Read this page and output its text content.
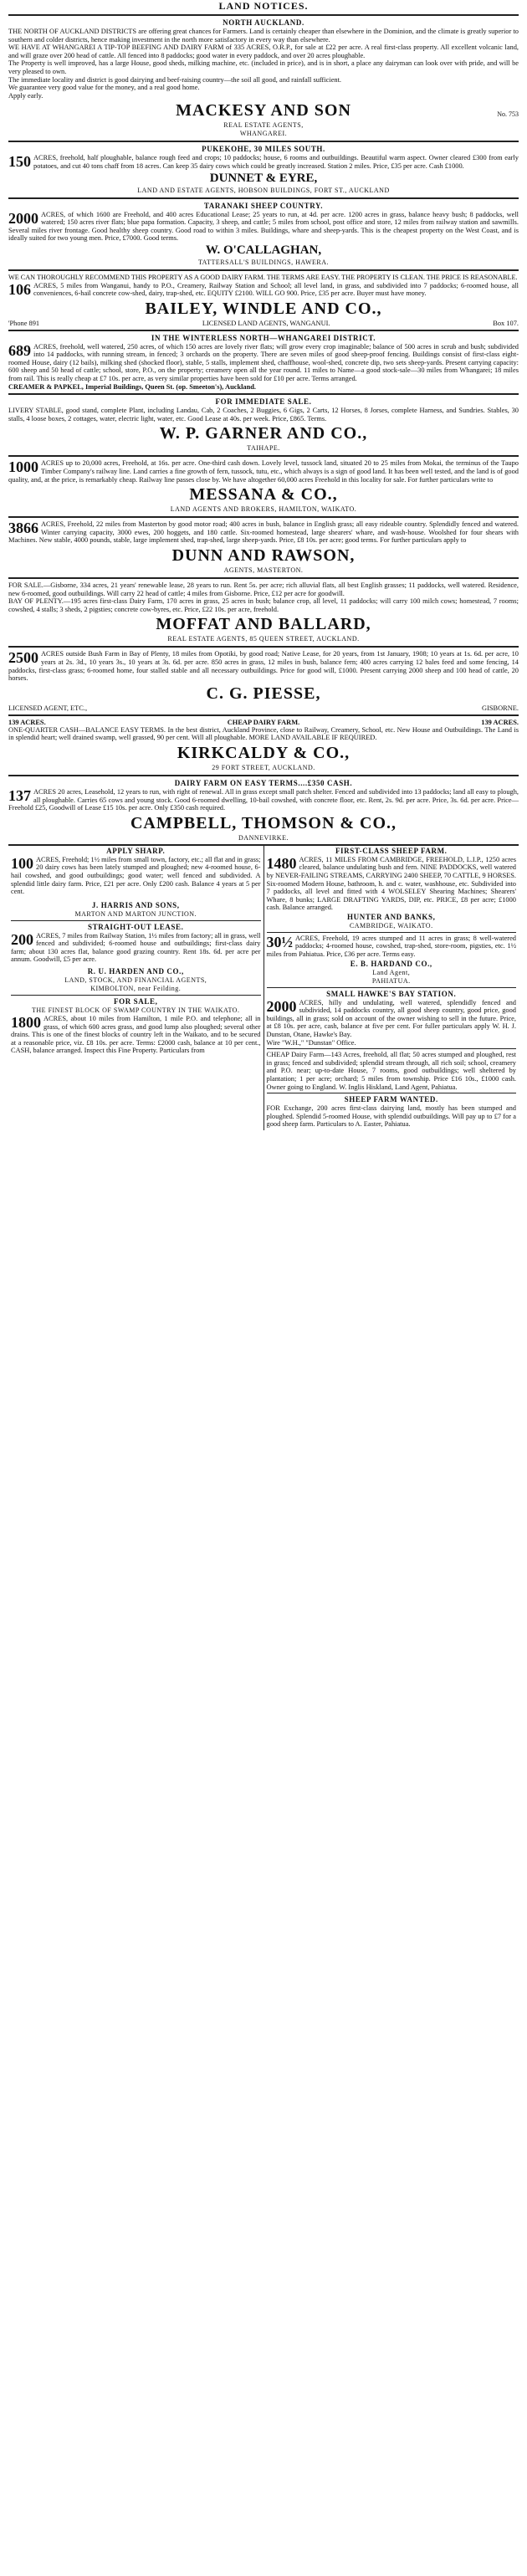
LAND NOTICES.
NORTH AUCKLAND.

THE NORTH OF AUCKLAND DISTRICTS are offering great chances for Farmers. Land is certainly cheaper than elsewhere in the Dominion, and the climate is greatly superior to southern and colder districts, hence making investment in the north more satisfactory in every way than elsewhere.

WE HAVE AT WHANGAREI A TIP-TOP BEEFING AND DAIRY FARM of 335 ACRES, O.R.P., for sale at £22 per acre. A real first-class property. All excellent volcanic land, and will graze over 200 head of cattle. All fenced into 8 paddocks; good water in every paddock, and over 20 acres ploughable.

The Property is well improved, has a large House, good sheds, milking machine, etc. (included in price), and is in short, a place any dairyman can look over with pride, and will be very pleased to own.

The immediate locality and district is good dairying and beef-raising country—the soil all good, and rainfall sufficient.

We guarantee very good value for the money, and a real good home.

Apply early.

MACKESY AND SON	No. 753
REAL ESTATE AGENTS,
WHANGAREI.
PUKEKOHE, 30 MILES SOUTH.

150 ACRES, freehold, half ploughable, balance rough feed and crops; 10 paddocks; house, 6 rooms and outbuildings. Beautiful warm aspect. Owner cleared £300 from early potatoes, and cut 40 tons chaff from 18 acres. Can keep 35 dairy cows which could be greatly increased. Station 2 miles. Price, £35 per acre. Cash £1000.

DUNNET & EYRE,
LAND AND ESTATE AGENTS, HOBSON BUILDINGS, FORT ST., AUCKLAND
TARANAKI SHEEP COUNTRY.

2000 ACRES, of which 1600 are Freehold, and 400 acres Educational Lease; 25 years to run, at 4d. per acre. 1200 acres in grass, balance heavy bush; 8 paddocks, well watered; 150 acres river flats; blue papa formation. Capacity, 3 sheep, and cattle; 5 miles from school, post office and store, 12 miles from railway station and sawmills. Several miles river frontage. Good healthy sheep country. Good road to within 3 miles. Buildings, whare and sheep-yards. This is the cheapest property on the West Coast, and is ideally suited for two young men. Price, £7000. Good terms.

W. O'CALLAGHAN,
TATTERSALL'S BUILDINGS, HAWERA.

WE CAN THOROUGHLY RECOMMEND THIS PROPERTY AS A GOOD DAIRY FARM. THE TERMS ARE EASY. THE PROPERTY IS CLEAN. THE PRICE IS REASONABLE.

106 ACRES, 5 miles from Wanganui, handy to P.O., Creamery, Railway Station and School; all level land, in grass, and subdivided into 7 paddocks; 6-roomed house, all conveniences, 6-hail concrete cow-shed, dairy, trap-shed, etc. EQUITY £2100. WILL GO 900. Price, £35 per acre. Buyer must have money.

BAILEY, WINDLE AND CO.,
'Phone 891	LICENSED LAND AGENTS, WANGANUI.	Box 107.
IN THE WINTERLESS NORTH—WHANGAREI DISTRICT.

689 ACRES, freehold, well watered, 250 acres, of which 150 acres are lovely river flats; will grow every crop imaginable; balance of 500 acres in scrub and bush; subdivided into 14 paddocks, with running stream, in fenced; 3 orchards on the property. There are seven miles of good sheep-proof fencing. Buildings consist of first-class eight-roomed House, dairy (12 bails), milking shed (shocked floor), stable, 5 stalls, implement shed, chaffhouse, wool-shed, concrete dip, two sets sheep-yards. Present carrying capacity: 600 sheep and 50 head of cattle; school, store, P.O., on the property; creamery open all the year round. 11 miles to Name—a good stock-sale—30 miles from Whangarei; 18 miles from rail. This is really cheap at £7 10s. per acre, as very similar properties have been sold for £10 per acre. Terms arranged.

CREAMER & PAPKEL, Imperial Buildings, Queen St. (op. Smeeton's), Auckland.

FOR IMMEDIATE SALE.

LIVERY STABLE, good stand, complete Plant, including Landau, Cab, 2 Coaches, 2 Buggies, 6 Gigs, 2 Carts, 12 Horses, 8 Jorses, complete Harness, and Sundries. Stables, 30 stalls, 4 loose boxes, 2 cottages, water, electric light, water, etc. Good Lease at 40s. per week. Price, £865. Terms.

W. P. GARNER AND CO.,
TAIHAPE.

1000 ACRES up to 20,000 acres, Freehold, at 16s. per acre. One-third cash down. Lovely level, tussock land, situated 20 to 25 miles from Mokai, the terminus of the Taupo Timber Company's railway line. Land carries a fine growth of fern, tussock, tutu, etc., which always is a sign of good land. It has been well tested, and the land is of good quality, and, at the price, is remarkably cheap. Railway line passes close by. We have altogether 60,000 acres Freehold in this locality for sale. For further particulars write to

MESSANA & CO.,
LAND AGENTS AND BROKERS, HAMILTON, WAIKATO.

3866 ACRES, Freehold, 22 miles from Masterton by good motor road; 400 acres in bush, balance in English grass; all easy rideable country. Splendidly fenced and watered. Winter carrying capacity, 3000 ewes, 200 hoggets, and 180 cattle. Six-roomed homestead, large shearers' whare, and wash-house. Woolshed for four shears with Machines. New stable, 4000 pounds, stable, large implement shed, trap-shed, large sheep-yards. Price, £8 10s. per acre; good terms. For further particulars apply to

DUNN AND RAWSON,
AGENTS, MASTERTON.

FOR SALE.—Gisborne, 334 acres, 21 years' renewable lease, 28 years to run. Rent 5s. per acre; rich alluvial flats, all best English grasses; 11 paddocks, well watered. Residence, new 6-roomed, good outbuildings. Will carry 22 head of cattle; 4 miles from Gisborne. Price, £12 per acre for goodwill.

BAY OF PLENTY.—195 acres first-class Dairy Farm, 170 acres in grass, 25 acres in bush; balance crop, all level, 11 paddocks; will carry 100 milch cows; homestead, 7 rooms; cowshed, 4 stalls; 3 sheds, 2 pigsties; concrete cow-byres, etc. Price, £22 10s. per acre, freehold.

MOFFAT AND BALLARD,
REAL ESTATE AGENTS, 85 QUEEN STREET, AUCKLAND.

2500 ACRES outside Bush Farm in Bay of Plenty, 18 miles from Opotiki, by good road; Native Lease, for 20 years, from 1st January, 1908; 10 years at 1s. 6d. per acre, 10 years at 2s. 3d., 10 years 3s., 10 years at 3s. 6d. per acre. 850 acres in grass, 12 miles in bush, balance fern; 400 acres carrying 12 bales feed and some fencing, 14 paddocks, first-class grass; 6-roomed home, four stalled stable and all necessary outbuildings. Price for good will, £1000. Present carrying 2000 sheep and 100 head of cattle, 20 horses.

C. G. PIESSE,
LICENSED AGENT, ETC.,	GISBORNE.
139 ACRES.	CHEAP DAIRY FARM.	139 ACRES.

ONE-QUARTER CASH—BALANCE EASY TERMS. In the best district, Auckland Province, close to Railway, Creamery, School, etc. New House and Outbuildings. The Land is in splendid heart; well drained swamp, well grassed, 90 per cent. Will all ploughable. MORE LAND AVAILABLE IF REQUIRED.

KIRKCALDY & CO.,
29 FORT STREET, AUCKLAND.
DAIRY FARM ON EASY TERMS....£350 CASH.

137 ACRES 20 acres, Leasehold, 12 years to run, with right of renewal. All in grass except small patch shelter. Fenced and subdivided into 13 paddocks; land all easy to plough, all ploughable. Carries 65 cows and young stock. Good 6-roomed dwelling, 10-bail cowshed, with concrete floor, etc. Rent, 2s. 9d. per acre. Price, 3s. 6d. per acre. Price—Freehold £25, Goodwill of Lease £15 10s. per acre. Only £350 cash required.

CAMPBELL, THOMSON & CO.,
DANNEVIRKE.
APPLY SHARP.

100 ACRES, Freehold; 1½ miles from small town, factory, etc.; all flat and in grass; 20 dairy cows has been lately stumped and ploughed; new 4-roomed house, 6-hail cowshed, and good outbuildings; good water; well fenced and subdivided. A splendid little dairy farm. Price, £21 per acre. Only £200 cash. Balance 4 years at 5 per cent.

J. HARRIS AND SONS,
MARTON AND MARTON JUNCTION.
STRAIGHT-OUT LEASE.

200 ACRES, 7 miles from Railway Station, 1½ miles from factory; all in grass, well fenced and subdivided; 6-roomed house and outbuildings; first-class dairy farm; about 130 acres flat, balance good grazing country. Rent 18s. 6d. per acre per annum. Goodwill, £5 per acre.

R. U. HARDEN AND CO.,
LAND, STOCK, AND FINANCIAL AGENTS,
KIMBOLTON, near Feilding.
FOR SALE,
THE FINEST BLOCK OF SWAMP COUNTRY IN THE WAIKATO.

1800 ACRES, about 10 miles from Hamilton, 1 mile P.O. and telephone; all in grass, of which 600 acres grass, and good lump also ploughed; several other drains. This is one of the finest blocks of country left in the Waikato, and to be secured at a reasonable price, viz. £8 10s. per acre. Terms: £2000 cash, balance at 10 per cent., CASH, balance arranged. Inspect this Fine Property. Particulars from

FIRST-CLASS SHEEP FARM.

1480 ACRES, 11 MILES FROM CAMBRIDGE, FREEHOLD, L.I.P., 1250 acres cleared, balance undulating bush and fern. NINE PADDOCKS, well watered by NEVER-FAILING STREAMS, CARRYING 2400 SHEEP, 70 CATTLE, 9 HORSES. Six-roomed Modern House, bathroom, h. and c. water, washhouse, etc. Subdivided into 7 paddocks, all level and fitted with 4 WOLSELEY Shearing Machines; Shearers' Whare, 8 bunks; LARGE DRAFTING YARDS, DIP, etc. PRICE, £8 per acre; £1000 cash. Balance arranged.

HUNTER AND BANKS,
CAMBRIDGE, WAIKATO.

30½ ACRES, Freehold, 19 acres stumped and 11 acres in grass; 8 well-watered paddocks; 4-roomed house, cowshed, trap-shed, store-room, pigsties, etc. 1½ miles from Pahiatua. Price, £36 per acre. Terms easy.

E. B. HARDAND CO.,
Land Agent,
PAHIATUA.
SMALL HAWKE'S BAY STATION.

2000 ACRES, hilly and undulating, well watered, splendidly fenced and subdivided, 14 paddocks country, all good sheep country, good price, good buildings, all in grass; sold on account of the owner wishing to sell in the future. Price, at £8 10s. per acre, cash, balance at five per cent. For fuller particulars apply W. H. J. Dunstan, Otane, Hawke's Bay.

Wire "W.H.," "Dunstan" Office.

CHEAP Dairy Farm—143 Acres, freehold, all flat; 50 acres stumped and ploughed, rest in grass; fenced and subdivided; splendid stream through, all rich soil; school, creamery and P.O. near; up-to-date House, 7 rooms, good outbuildings; well sheltered by plantation; 1 per acre; orchard; 5 miles from township. Price £16 10s., £1000 cash. Owner going to England. W. Inglis Hiskland, Land Agent, Pahiatua.

SHEEP FARM WANTED.

FOR Exchange, 200 acres first-class dairying land, mostly has been stumped and ploughed. Splendid 5-roomed House, with splendid outbuildings. Will pay up to £7 for a good sheep farm. Particulars to A. Easter, Pahiatua.
